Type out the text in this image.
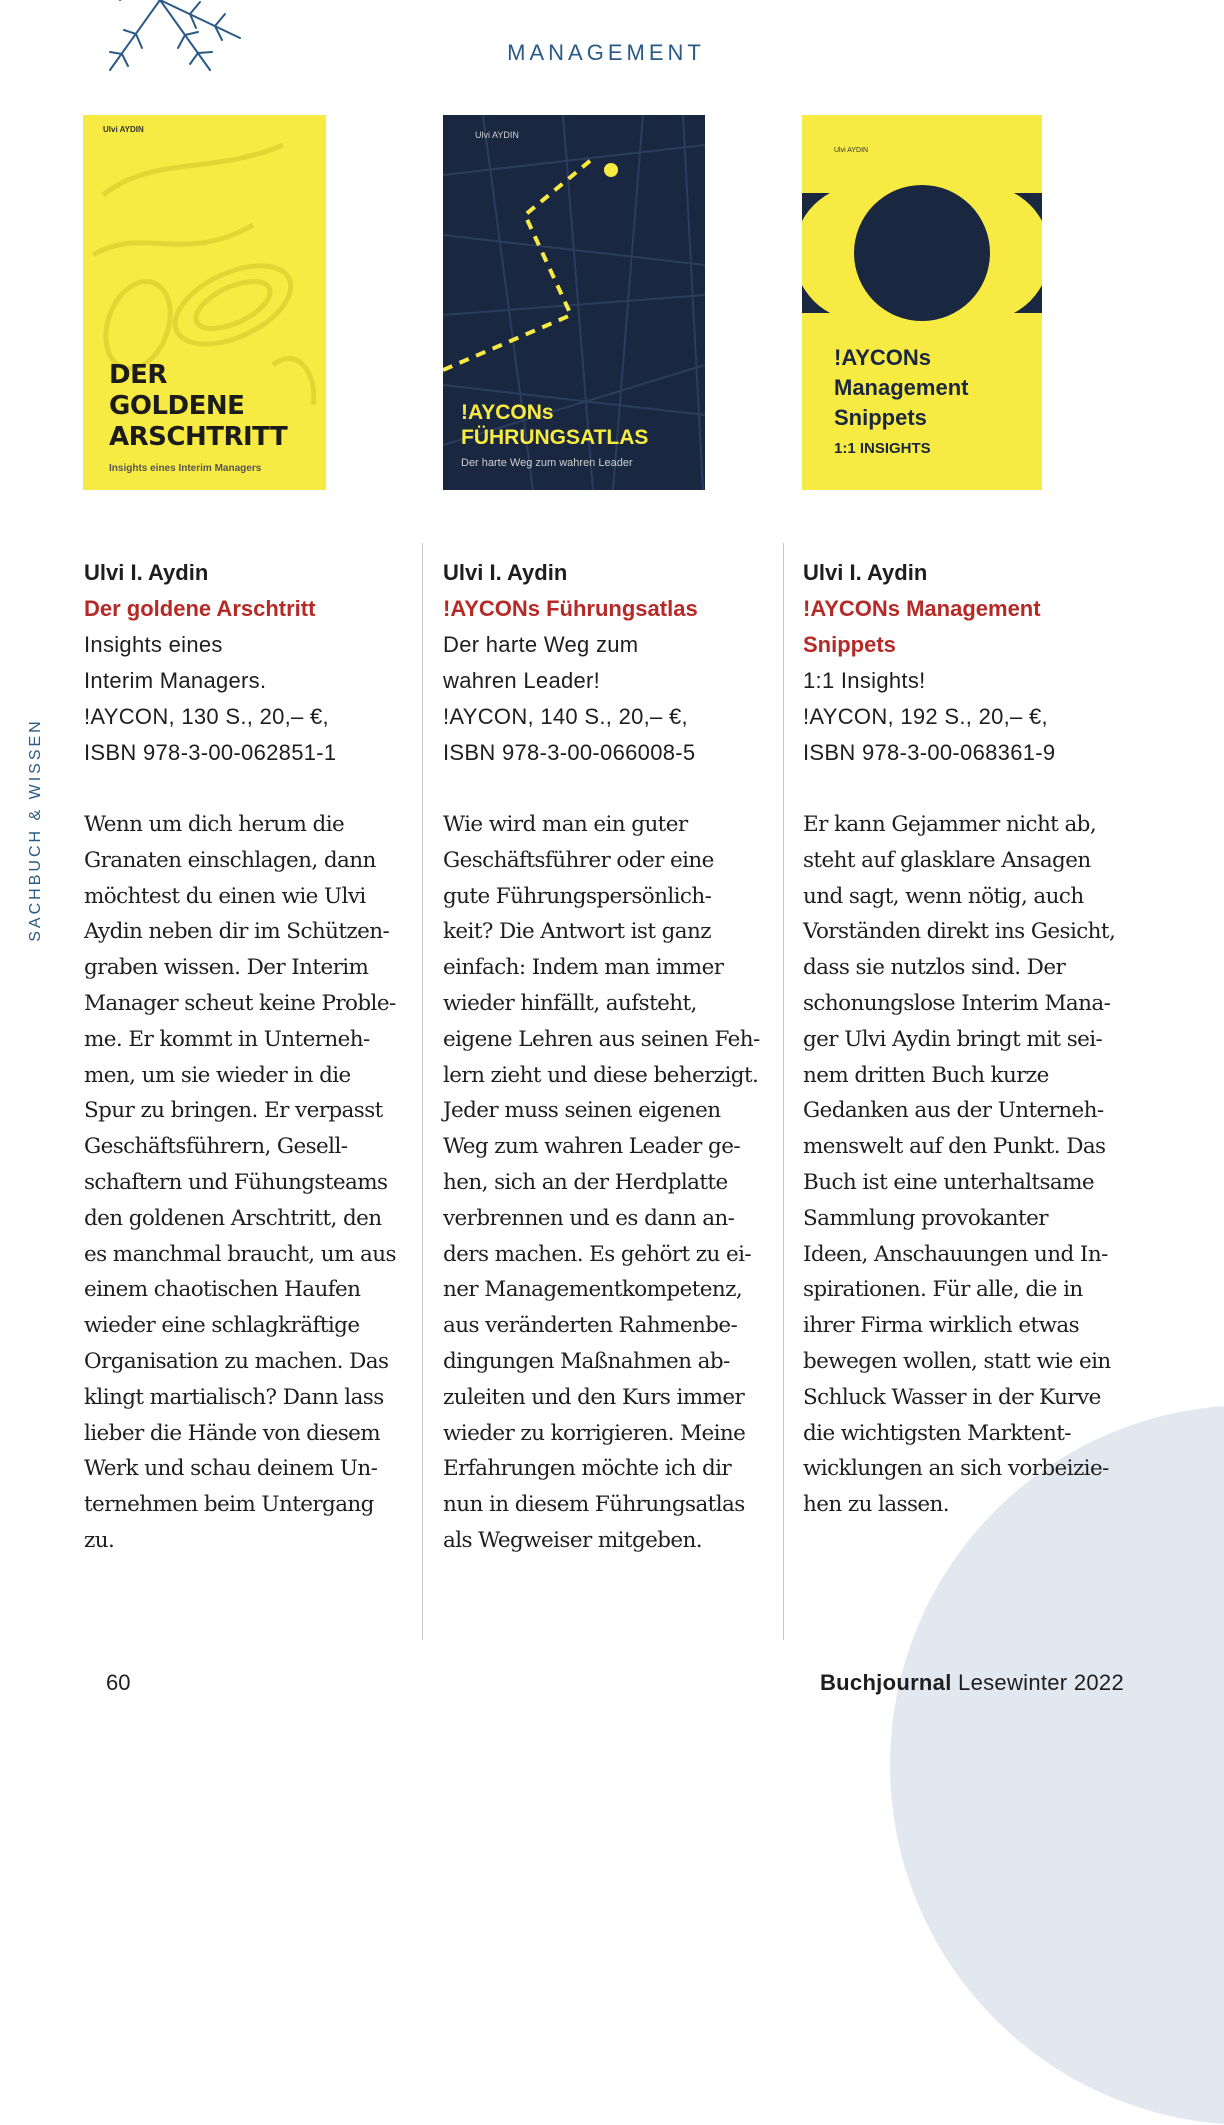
MANAGEMENT
SACHBUCH & WISSEN
Ulvi AYDIN
DER
GOLDENE
ARSCHTRITT
Insights eines Interim Managers
Ulvi AYDIN
!AYCONs
FÜHRUNGSATLAS
Der harte Weg zum wahren Leader
Ulvi AYDIN
!AYCONs
Management
Snippets
1:1 INSIGHTS
Ulvi I. Aydin
Der goldene Arschtritt
Insights eines
Interim Managers.
!AYCON, 130 S., 20,– €,
ISBN 978-3-00-062851-1
Wenn um dich herum die
Granaten einschlagen, dann
möchtest du einen wie Ulvi
Aydin neben dir im Schützen-
graben wissen. Der Interim
Manager scheut keine Proble-
me. Er kommt in Unterneh-
men, um sie wieder in die
Spur zu bringen. Er verpasst
Geschäftsführern, Gesell-
schaftern und Fühungsteams
den goldenen Arschtritt, den
es manchmal braucht, um aus
einem chaotischen Haufen
wieder eine schlagkräftige
Organisation zu machen. Das
klingt martialisch? Dann lass
lieber die Hände von diesem
Werk und schau deinem Un-
ternehmen beim Untergang
zu.
Ulvi I. Aydin
!AYCONs Führungsatlas
Der harte Weg zum
wahren Leader!
!AYCON, 140 S., 20,– €,
ISBN 978-3-00-066008-5
Wie wird man ein guter
Geschäftsführer oder eine
gute Führungspersönlich-
keit? Die Antwort ist ganz
einfach: Indem man immer
wieder hinfällt, aufsteht,
eigene Lehren aus seinen Feh-
lern zieht und diese beherzigt.
Jeder muss seinen eigenen
Weg zum wahren Leader ge-
hen, sich an der Herdplatte
verbrennen und es dann an-
ders machen. Es gehört zu ei-
ner Managementkompetenz,
aus veränderten Rahmenbe-
dingungen Maßnahmen ab-
zuleiten und den Kurs immer
wieder zu korrigieren. Meine
Erfahrungen möchte ich dir
nun in diesem Führungsatlas
als Wegweiser mitgeben.
Ulvi I. Aydin
!AYCONs Management
Snippets
1:1 Insights!
!AYCON, 192 S., 20,– €,
ISBN 978-3-00-068361-9
Er kann Gejammer nicht ab,
steht auf glasklare Ansagen
und sagt, wenn nötig, auch
Vorständen direkt ins Gesicht,
dass sie nutzlos sind. Der
schonungslose Interim Mana-
ger Ulvi Aydin bringt mit sei-
nem dritten Buch kurze
Gedanken aus der Unterneh-
menswelt auf den Punkt. Das
Buch ist eine unterhaltsame
Sammlung provokanter
Ideen, Anschauungen und In-
spirationen. Für alle, die in
ihrer Firma wirklich etwas
bewegen wollen, statt wie ein
Schluck Wasser in der Kurve
die wichtigsten Marktent-
wicklungen an sich vorbeizie-
hen zu lassen.
60	Buchjournal Lesewinter 2022
